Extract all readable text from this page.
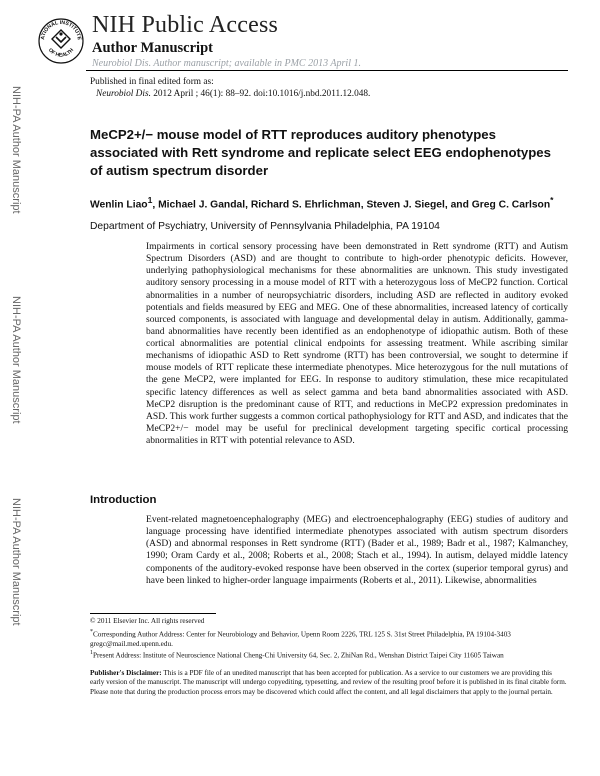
ATIONAL INSTITUTE
OF HEALTH
NIH Public Access
Author Manuscript
Neurobiol Dis. Author manuscript; available in PMC 2013 April 1.
NIH-PA Author Manuscript
NIH-PA Author Manuscript
NIH-PA Author Manuscript
Published in final edited form as:
Neurobiol Dis. 2012 April ; 46(1): 88–92. doi:10.1016/j.nbd.2011.12.048.
MeCP2+/− mouse model of RTT reproduces auditory phenotypes associated with Rett syndrome and replicate select EEG endophenotypes of autism spectrum disorder
Wenlin Liao$^1$, Michael J. Gandal, Richard S. Ehrlichman, Steven J. Siegel, and Greg C. Carlson*
Department of Psychiatry, University of Pennsylvania Philadelphia, PA 19104
Impairments in cortical sensory processing have been demonstrated in Rett syndrome (RTT) and Autism Spectrum Disorders (ASD) and are thought to contribute to high-order phenotypic deficits. However, underlying pathophysiological mechanisms for these abnormalities are unknown. This study investigated auditory sensory processing in a mouse model of RTT with a heterozygous loss of MeCP2 function. Cortical abnormalities in a number of neuropsychiatric disorders, including ASD are reflected in auditory evoked potentials and fields measured by EEG and MEG. One of these abnormalities, increased latency of cortically sourced components, is associated with language and developmental delay in autism. Additionally, gamma-band abnormalities have recently been identified as an endophenotype of idiopathic autism. Both of these cortical abnormalities are potential clinical endpoints for assessing treatment. While ascribing similar mechanisms of idiopathic ASD to Rett syndrome (RTT) has been controversial, we sought to determine if mouse models of RTT replicate these intermediate phenotypes. Mice heterozygous for the null mutations of the gene MeCP2, were implanted for EEG. In response to auditory stimulation, these mice recapitulated specific latency differences as well as select gamma and beta band abnormalities associated with ASD. MeCP2 disruption is the predominant cause of RTT, and reductions in MeCP2 expression predominates in ASD. This work further suggests a common cortical pathophysiology for RTT and ASD, and indicates that the MeCP2+/− model may be useful for preclinical development targeting specific cortical processing abnormalities in RTT with potential relevance to ASD.
Introduction
Event-related magnetoencephalography (MEG) and electroencephalography (EEG) studies of auditory and language processing have identified intermediate phenotypes associated with autism spectrum disorders (ASD) and abnormal responses in Rett syndrome (RTT) (Bader et al., 1989; Badr et al., 1987; Kalmanchey, 1990; Oram Cardy et al., 2008; Roberts et al., 2008; Stach et al., 1994). In autism, delayed middle latency components of the auditory-evoked response have been observed in the cortex (superior temporal gyrus) and have been linked to higher-order language impairments (Roberts et al., 2011). Likewise, abnormalities

© 2011 Elsevier Inc. All rights reserved

*Corresponding Author Address: Center for Neurobiology and Behavior, Upenn Room 2226, TRL 125 S. 31st Street Philadelphia, PA 19104-3403 gregc@mail.med.upenn.edu.

$^1$Present Address: Institute of Neuroscience National Cheng-Chi University 64, Sec. 2, ZhiNan Rd., Wenshan District Taipei City 11605 Taiwan

Publisher's Disclaimer: This is a PDF file of an unedited manuscript that has been accepted for publication. As a service to our customers we are providing this early version of the manuscript. The manuscript will undergo copyediting, typesetting, and review of the resulting proof before it is published in its final citable form. Please note that during the production process errors may be discovered which could affect the content, and all legal disclaimers that apply to the journal pertain.
